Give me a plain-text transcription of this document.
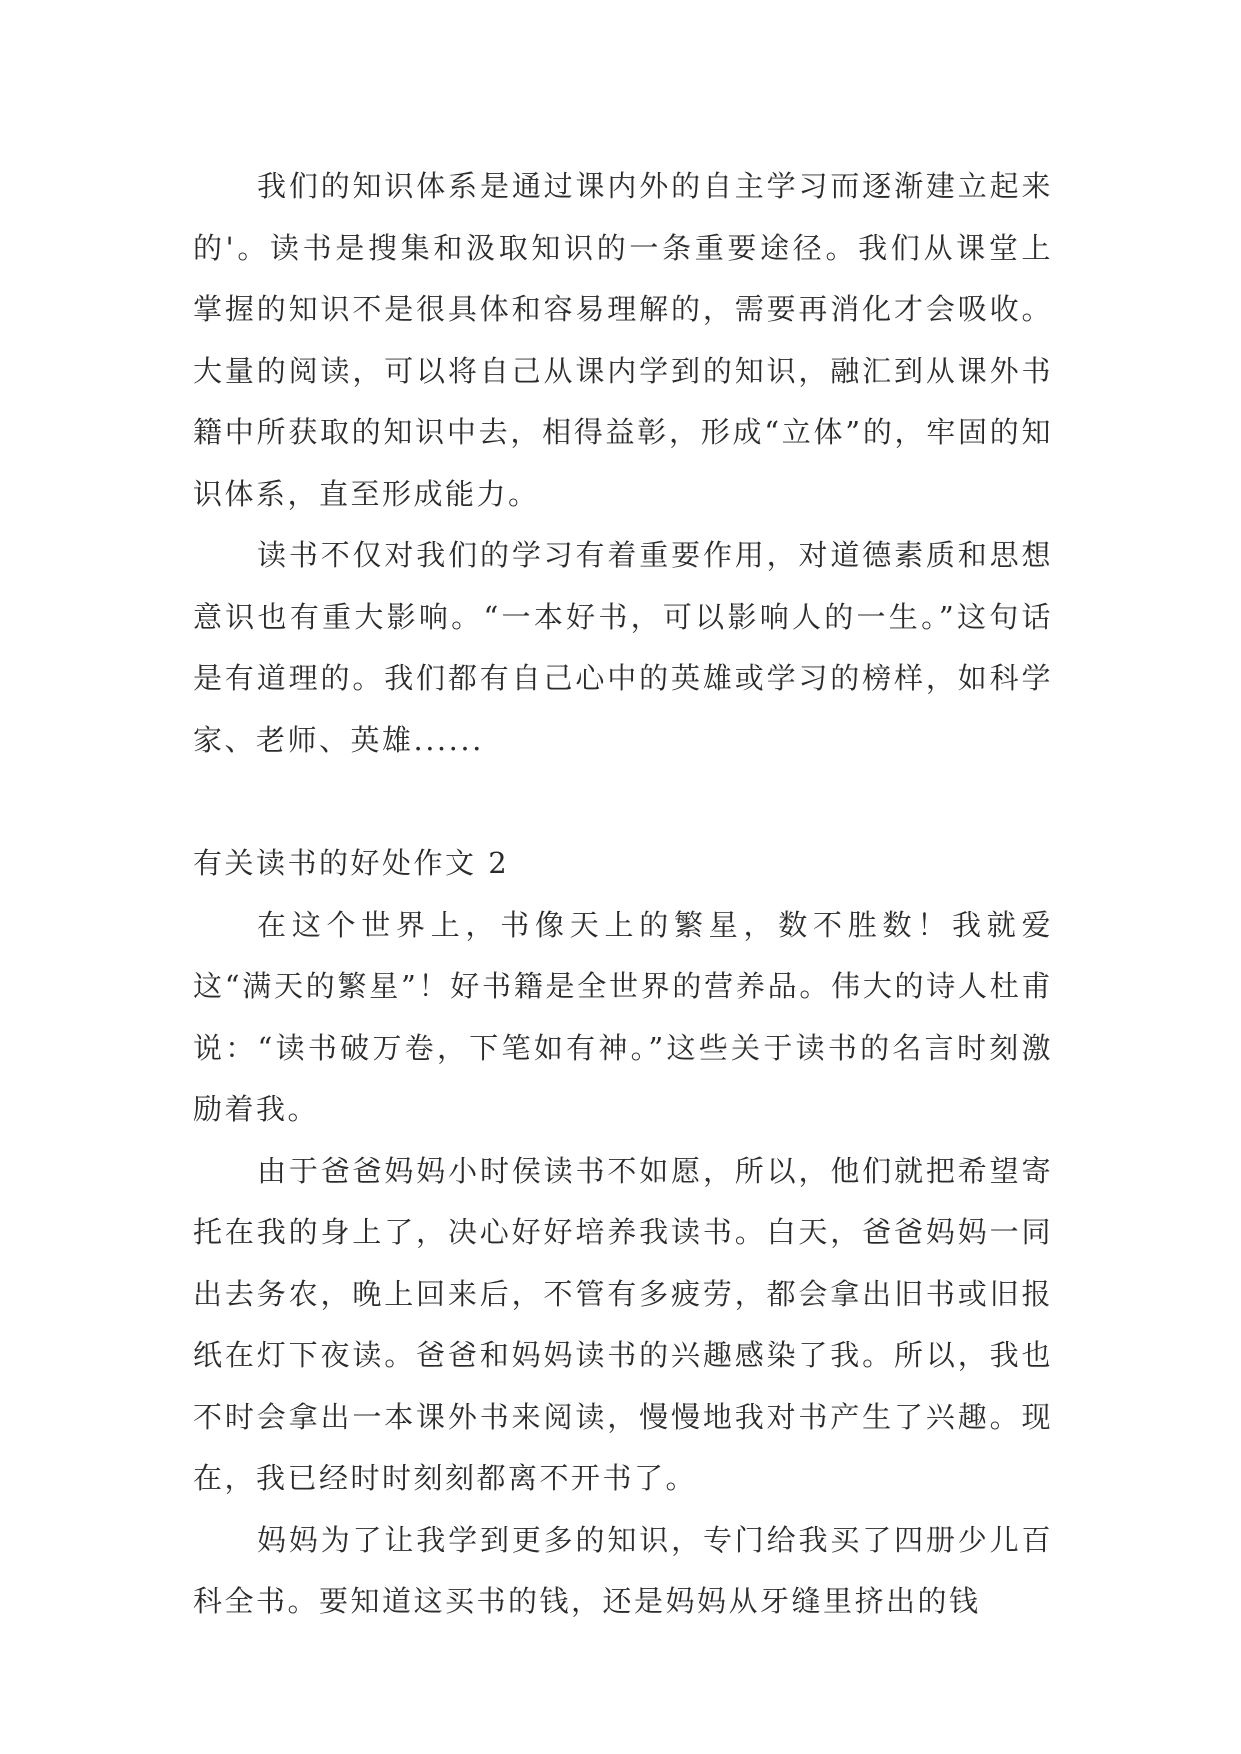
我们的知识体系是通过课内外的自主学习而逐渐建立起来的'。读书是搜集和汲取知识的一条重要途径。我们从课堂上掌握的知识不是很具体和容易理解的，需要再消化才会吸收。大量的阅读，可以将自己从课内学到的知识，融汇到从课外书籍中所获取的知识中去，相得益彰，形成“立体”的，牢固的知识体系，直至形成能力。

读书不仅对我们的学习有着重要作用，对道德素质和思想意识也有重大影响。“一本好书，可以影响人的一生。”这句话是有道理的。我们都有自己心中的英雄或学习的榜样，如科学家、老师、英雄......

有关读书的好处作文 2

在这个世界上，书像天上的繁星，数不胜数！我就爱这“满天的繁星”！好书籍是全世界的营养品。伟大的诗人杜甫说：“读书破万卷，下笔如有神。”这些关于读书的名言时刻激励着我。

由于爸爸妈妈小时侯读书不如愿，所以，他们就把希望寄托在我的身上了，决心好好培养我读书。白天，爸爸妈妈一同出去务农，晚上回来后，不管有多疲劳，都会拿出旧书或旧报纸在灯下夜读。爸爸和妈妈读书的兴趣感染了我。所以，我也不时会拿出一本课外书来阅读，慢慢地我对书产生了兴趣。现在，我已经时时刻刻都离不开书了。

妈妈为了让我学到更多的知识，专门给我买了四册少儿百科全书。要知道这买书的钱，还是妈妈从牙缝里挤出的钱
